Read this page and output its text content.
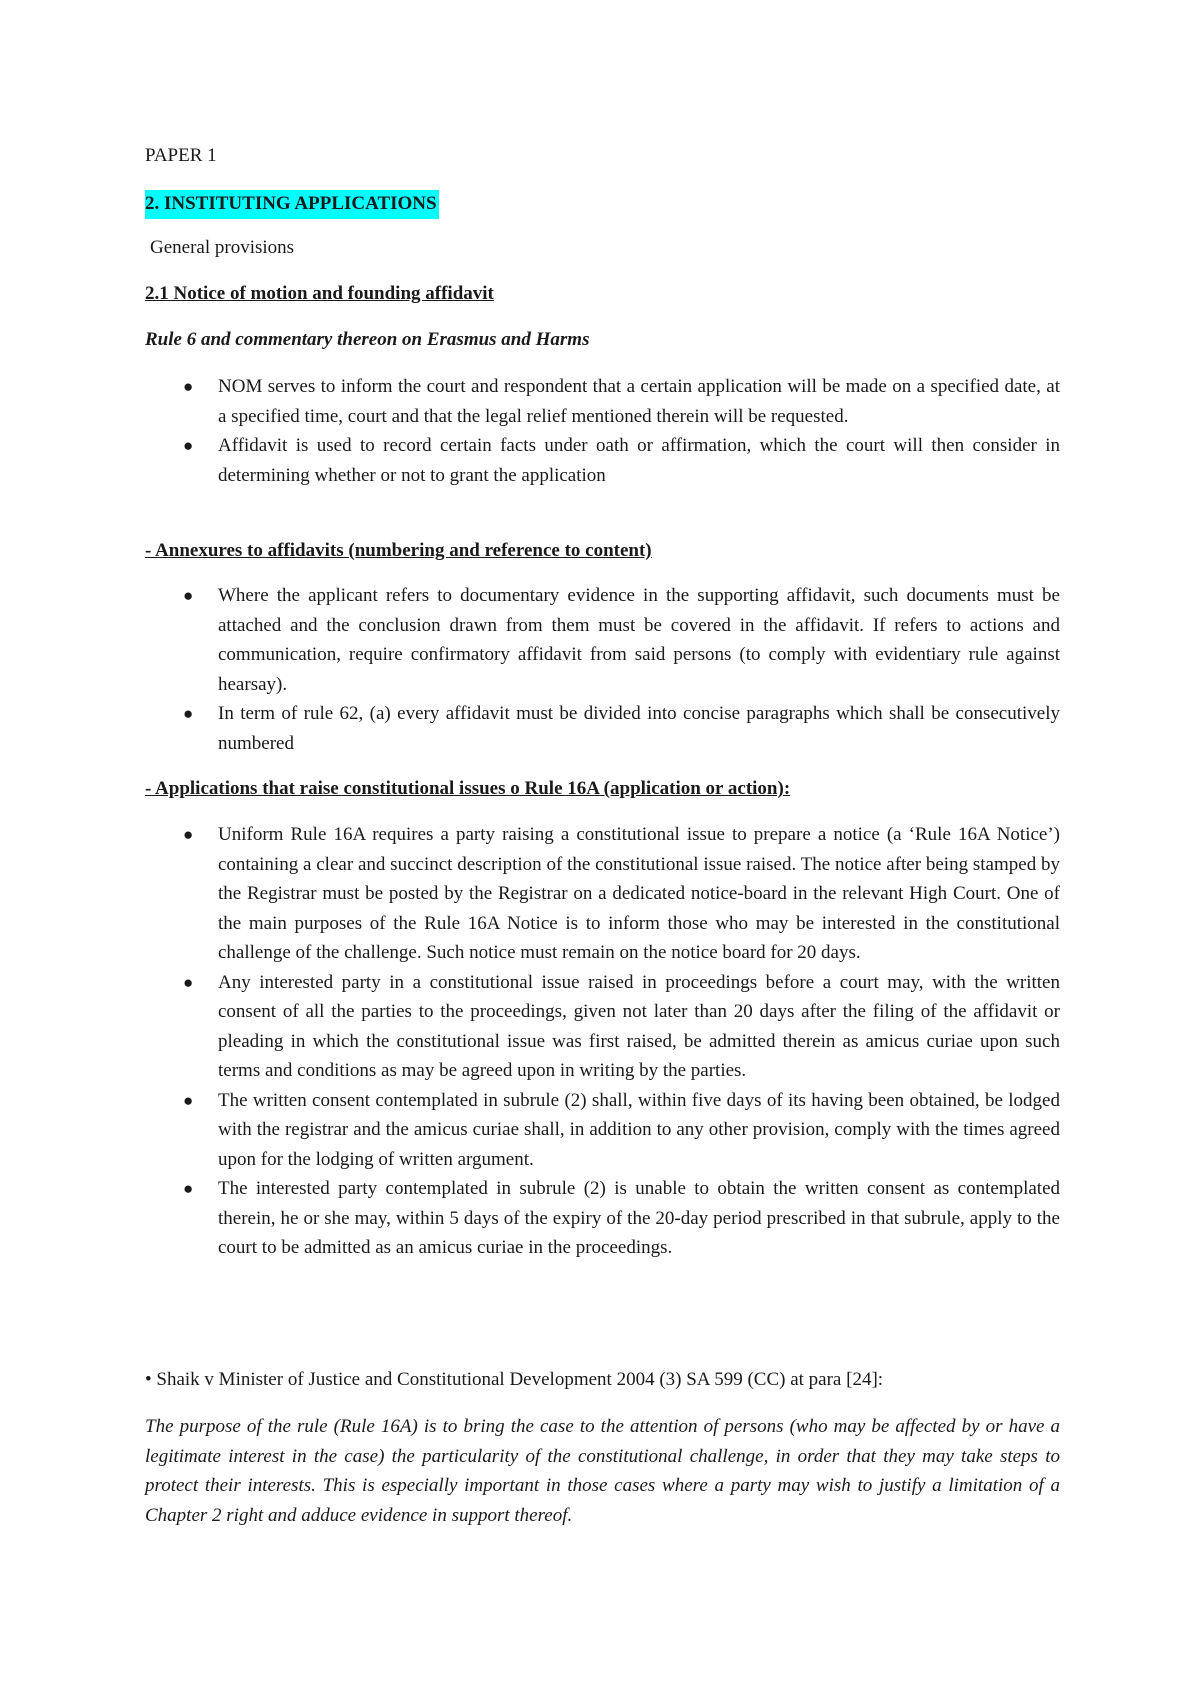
PAPER 1

2. INSTITUTING APPLICATIONS

General provisions

2.1 Notice of motion and founding affidavit

Rule 6 and commentary thereon on Erasmus and Harms

● NOM serves to inform the court and respondent that a certain application will be made on a specified date, at a specified time, court and that the legal relief mentioned therein will be requested.
● Affidavit is used to record certain facts under oath or affirmation, which the court will then consider in determining whether or not to grant the application
- Annexures to affidavits (numbering and reference to content)
● Where the applicant refers to documentary evidence in the supporting affidavit, such documents must be attached and the conclusion drawn from them must be covered in the affidavit. If refers to actions and communication, require confirmatory affidavit from said persons (to comply with evidentiary rule against hearsay).
● In term of rule 62, (a) every affidavit must be divided into concise paragraphs which shall be consecutively numbered
- Applications that raise constitutional issues o Rule 16A (application or action):
● Uniform Rule 16A requires a party raising a constitutional issue to prepare a notice (a ‘Rule 16A Notice’) containing a clear and succinct description of the constitutional issue raised. The notice after being stamped by the Registrar must be posted by the Registrar on a dedicated notice-board in the relevant High Court. One of the main purposes of the Rule 16A Notice is to inform those who may be interested in the constitutional challenge of the challenge. Such notice must remain on the notice board for 20 days.
● Any interested party in a constitutional issue raised in proceedings before a court may, with the written consent of all the parties to the proceedings, given not later than 20 days after the filing of the affidavit or pleading in which the constitutional issue was first raised, be admitted therein as amicus curiae upon such terms and conditions as may be agreed upon in writing by the parties.
● The written consent contemplated in subrule (2) shall, within five days of its having been obtained, be lodged with the registrar and the amicus curiae shall, in addition to any other provision, comply with the times agreed upon for the lodging of written argument.
● The interested party contemplated in subrule (2) is unable to obtain the written consent as contemplated therein, he or she may, within 5 days of the expiry of the 20-day period prescribed in that subrule, apply to the court to be admitted as an amicus curiae in the proceedings.

• Shaik v Minister of Justice and Constitutional Development 2004 (3) SA 599 (CC) at para [24]:

The purpose of the rule (Rule 16A) is to bring the case to the attention of persons (who may be affected by or have a legitimate interest in the case) the particularity of the constitutional challenge, in order that they may take steps to protect their interests. This is especially important in those cases where a party may wish to justify a limitation of a Chapter 2 right and adduce evidence in support thereof.
